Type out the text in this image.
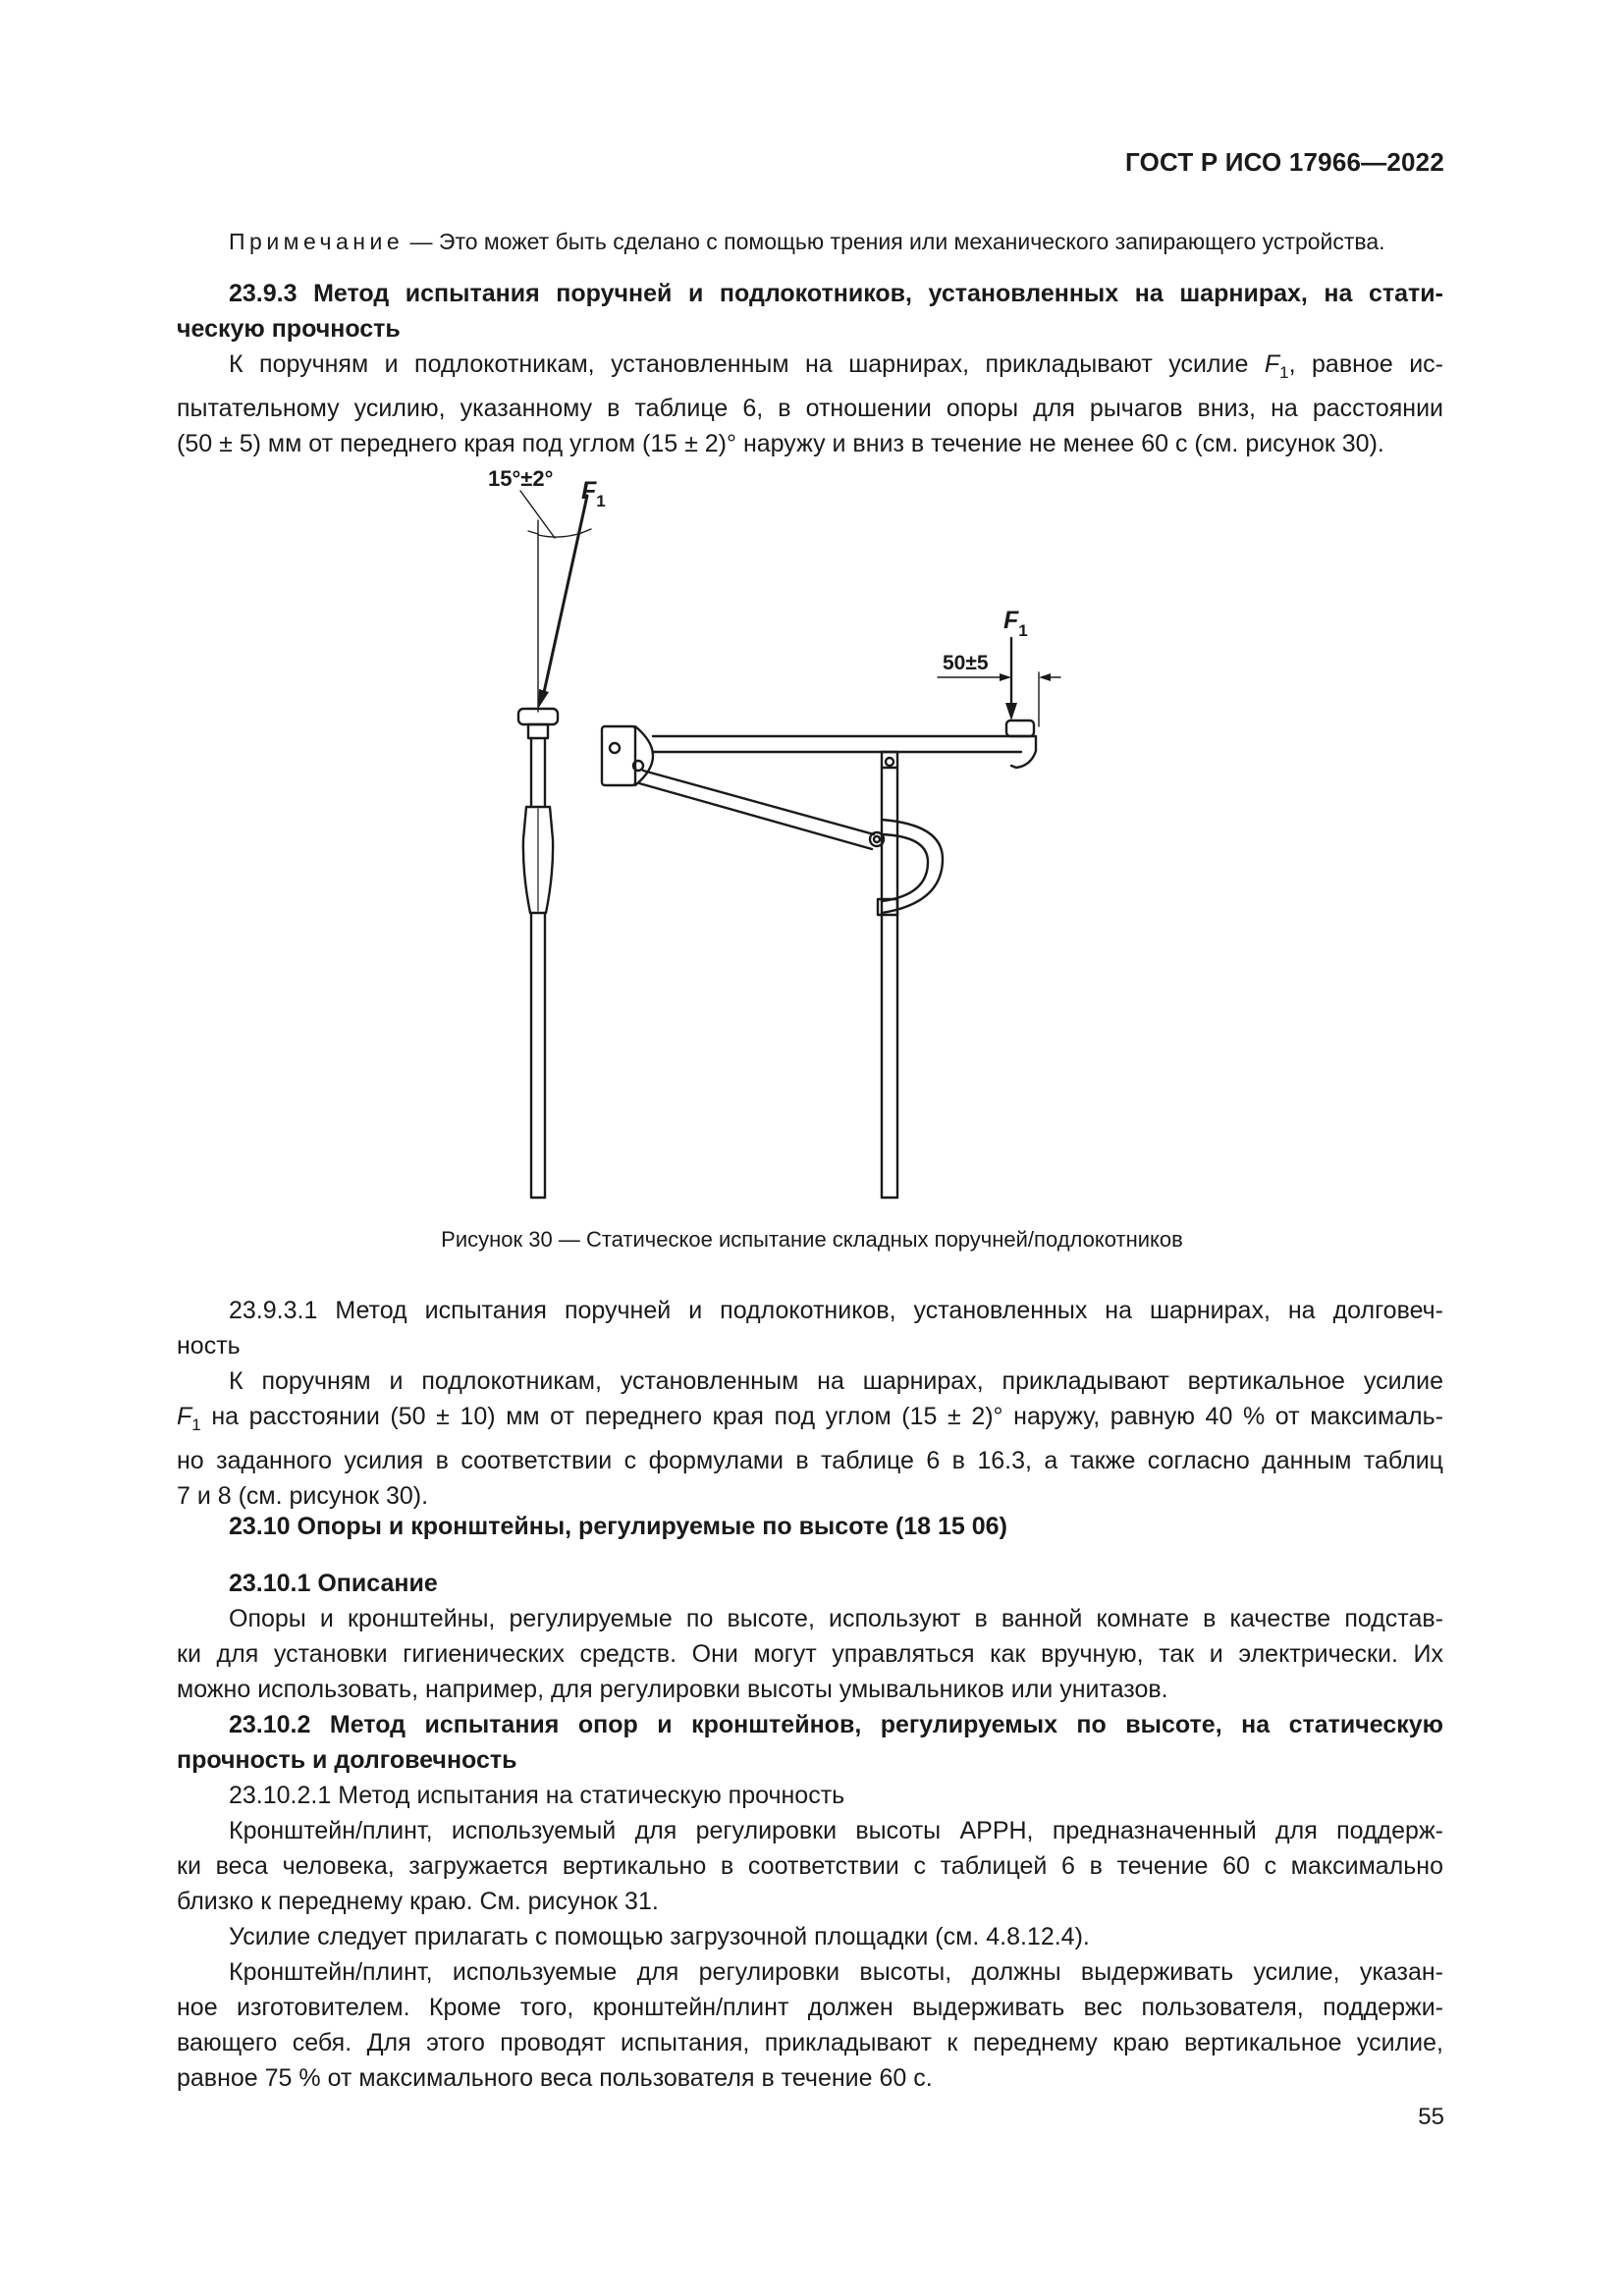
ГОСТ Р ИСО 17966—2022

Примечание — Это может быть сделано с помощью трения или механического запирающего устройства.

23.9.3 Метод испытания поручней и подлокотников, установленных на шарнирах, на стати-

ческую прочность

К поручням и подлокотникам, установленным на шарнирах, прикладывают усилие $F_1$, равное ис-

пытательному усилию, указанному в таблице 6, в отношении опоры для рычагов вниз, на расстоянии

(50 ± 5) мм от переднего края под углом (15 ± 2)° наружу и вниз в течение не менее 60 с (см. рисунок 30).

15°±2° $F_1$
$F_1$
50±5
Рисунок 30 — Статическое испытание складных поручней/подлокотников

23.9.3.1 Метод испытания поручней и подлокотников, установленных на шарнирах, на долговеч-

ность

К поручням и подлокотникам, установленным на шарнирах, прикладывают вертикальное усилие

$F_1$ на расстоянии (50 ± 10) мм от переднего края под углом (15 ± 2)° наружу, равную 40 % от максималь-

но заданного усилия в соответствии с формулами в таблице 6 в 16.3, а также согласно данным таблиц

7 и 8 (см. рисунок 30).

23.10 Опоры и кронштейны, регулируемые по высоте (18 15 06)

23.10.1 Описание

Опоры и кронштейны, регулируемые по высоте, используют в ванной комнате в качестве подстав-

ки для установки гигиенических средств. Они могут управляться как вручную, так и электрически. Их

можно использовать, например, для регулировки высоты умывальников или унитазов.

23.10.2 Метод испытания опор и кронштейнов, регулируемых по высоте, на статическую

прочность и долговечность

23.10.2.1 Метод испытания на статическую прочность

Кронштейн/плинт, используемый для регулировки высоты АРРН, предназначенный для поддерж-

ки веса человека, загружается вертикально в соответствии с таблицей 6 в течение 60 с максимально

близко к переднему краю. См. рисунок 31.

Усилие следует прилагать с помощью загрузочной площадки (см. 4.8.12.4).

Кронштейн/плинт, используемые для регулировки высоты, должны выдерживать усилие, указан-

ное изготовителем. Кроме того, кронштейн/плинт должен выдерживать вес пользователя, поддержи-

вающего себя. Для этого проводят испытания, прикладывают к переднему краю вертикальное усилие,

равное 75 % от максимального веса пользователя в течение 60 с.

55
